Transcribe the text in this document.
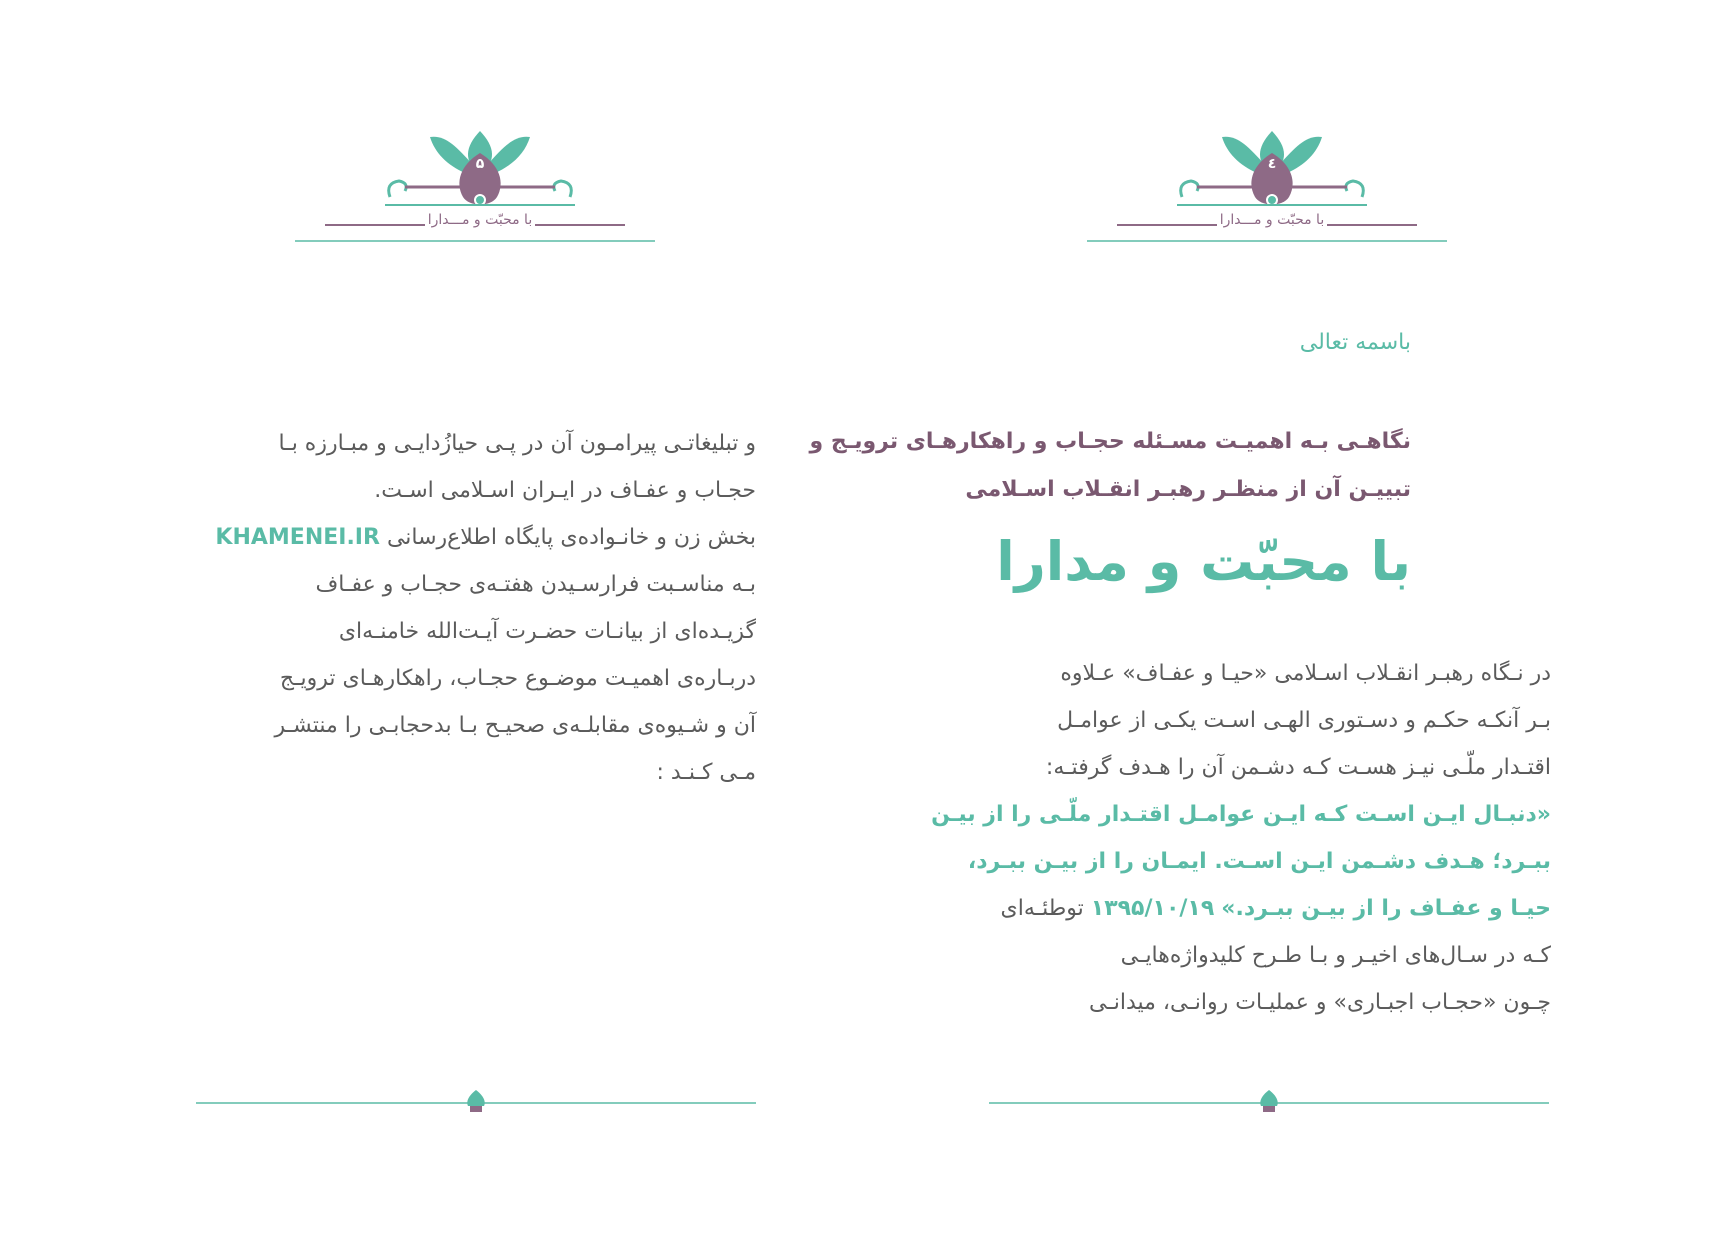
۵
با محبّت و مـــدارا
و تبلیغاتـی پیرامـون آن در پـی حیازُدایـی و مبـارزه بـا
حجـاب و عفـاف در ایـران اسـلامی اسـت.
بخش زن و خانـواده‌ی پایگاه اطلاع‌رسانی KHAMENEI.IR
بـه مناسـبت فرارسـیدن هفتـه‌ی حجـاب و عفـاف
گزیـده‌ای از بیانـات حضـرت آیـت‌الله خامنـه‌ای
دربـاره‌ی اهمیـت موضـوع حجـاب، راهکارهـای ترویـج
آن و شـیوه‌ی مقابلـه‌ی صحیـح بـا بدحجابـی را منتشـر
مـی کـنـد :
٤
با محبّت و مـــدارا
باسمه تعالی
نگاهـی بـه اهمیـت مسـئله حجـاب و راهکارهـای ترویـج و
تبییـن آن از منظـر رهبـر انقـلاب اسـلامی
با محبّت و مدارا
در نـگاه رهبـر انقـلاب اسـلامی «حیـا و عفـاف» عـلاوه
بـر آنکـه حکـم و دسـتوری الهـی اسـت یکـی از عوامـل
اقتـدار ملّـی نیـز هسـت کـه دشـمن آن را هـدف گرفتـه:
«دنبـال ایـن اسـت کـه ایـن عوامـل اقتـدار ملّـی را از بیـن
ببـرد؛ هـدف دشـمن ایـن اسـت. ایمـان را از بیـن ببـرد،
حیـا و عفـاف را از بیـن ببـرد.» ۱۳۹۵/۱۰/۱۹ توطئـه‌ای
کـه در سـال‌های اخیـر و بـا طـرح کلیدواژه‌هایـی
چـون «حجـاب اجبـاری» و عملیـات روانـی، میدانـی
